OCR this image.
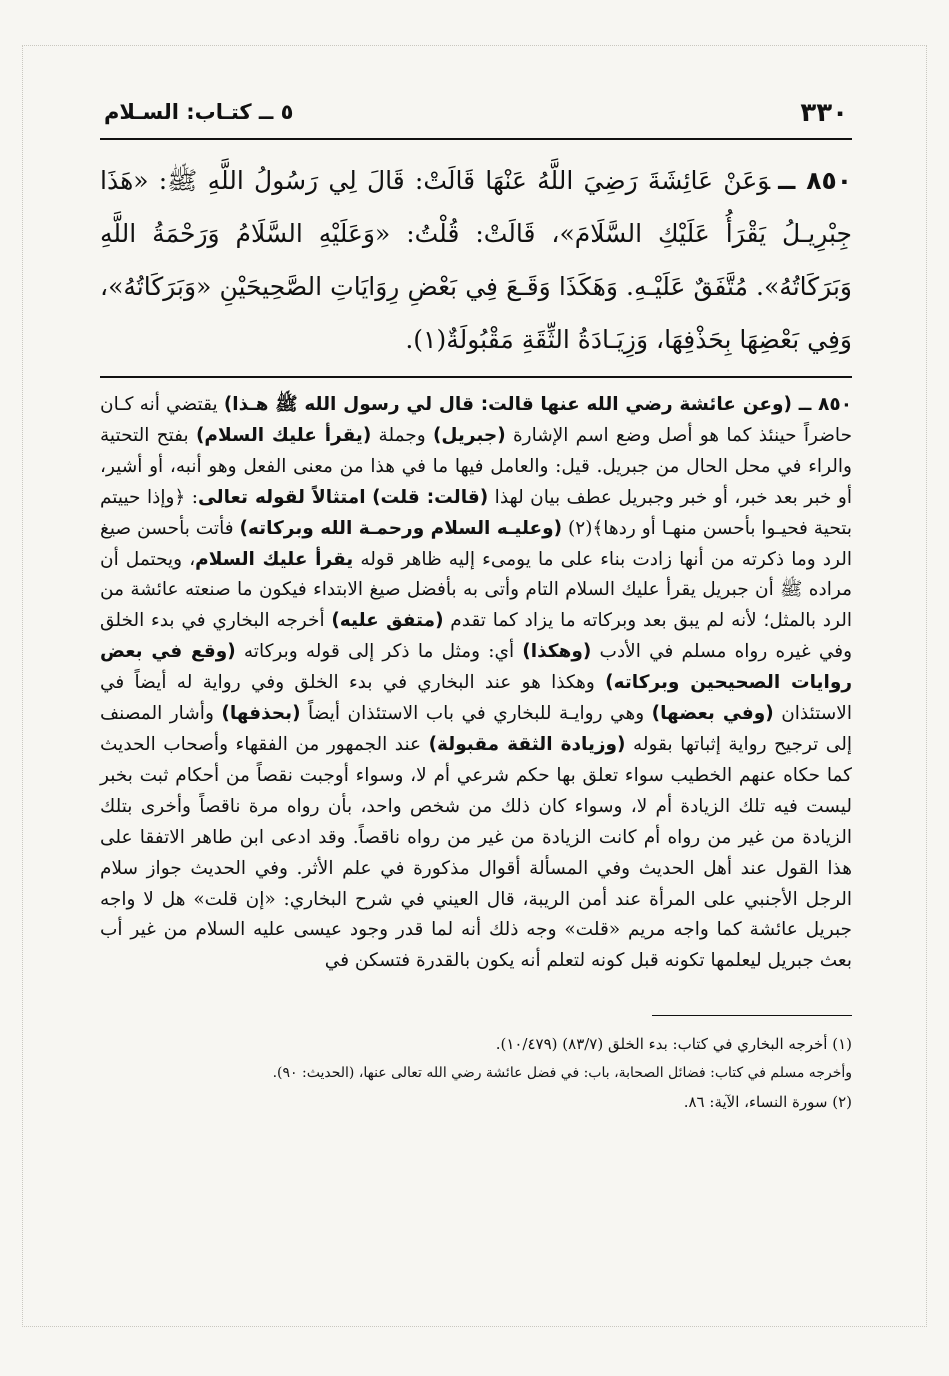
٣٣٠
٥ ــ كتـاب: السـلام

٨٥٠ ــوَعَنْ عَائِشَةَ رَضِيَ اللَّهُ عَنْهَا قَالَتْ: قَالَ لِي رَسُولُ اللَّهِ ﷺ: «هَذَا جِبْرِيـلُ يَقْرَأُ عَلَيْكِ السَّلَامَ»، قَالَتْ: قُلْتُ: «وَعَلَيْهِ السَّلَامُ وَرَحْمَةُ اللَّهِ وَبَرَكَاتُهُ». مُتَّفَقٌ عَلَيْـهِ. وَهَكَذَا وَقَـعَ فِي بَعْضِ رِوَايَاتِ الصَّحِيحَيْنِ «وَبَرَكَاتُهُ»، وَفِي بَعْضِهَا بِحَذْفِهَا، وَزِيَـادَةُ الثِّقَةِ مَقْبُولَةٌ(١).

٨٥٠ ــ (وعن عائشة رضي الله عنها قالت: قال لي رسول الله ﷺ هـذا) يقتضي أنه كـان حاضراً حينئذ كما هو أصل وضع اسم الإشارة (جبريل) وجملة (يقرأ عليك السلام) بفتح التحتية والراء في محل الحال من جبريل. قيل: والعامل فيها ما في هذا من معنى الفعل وهو أنبه، أو أشير، أو خبر بعد خبر، أو خبر وجبريل عطف بيان لهذا (قالت: قلت) امتثالاً لقوله تعالى: ﴿وإذا حييتم بتحية فحيـوا بأحسن منهـا أو ردها﴾(٢) (وعليـه السلام ورحمـة الله وبركاته) فأتت بأحسن صيغ الرد وما ذكرته من أنها زادت بناء على ما يومىء إليه ظاهر قوله يقرأ عليك السلام، ويحتمل أن مراده ﷺ أن جبريل يقرأ عليك السلام التام وأتى به بأفضل صيغ الابتداء فيكون ما صنعته عائشة من الرد بالمثل؛ لأنه لم يبق بعد وبركاته ما يزاد كما تقدم (متفق عليه) أخرجه البخاري في بدء الخلق وفي غيره رواه مسلم في الأدب (وهكذا) أي: ومثل ما ذكر إلى قوله وبركاته (وقع في بعض روايات الصحيحين وبركاته) وهكذا هو عند البخاري في بدء الخلق وفي رواية له أيضاً في الاستئذان (وفي بعضها) وهي روايـة للبخاري في باب الاستئذان أيضاً (بحذفها) وأشار المصنف إلى ترجيح رواية إثباتها بقوله (وزيادة الثقة مقبولة) عند الجمهور من الفقهاء وأصحاب الحديث كما حكاه عنهم الخطيب سواء تعلق بها حكم شرعي أم لا، وسواء أوجبت نقصاً من أحكام ثبت بخبر ليست فيه تلك الزيادة أم لا، وسواء كان ذلك من شخص واحد، بأن رواه مرة ناقصاً وأخرى بتلك الزيادة من غير من رواه أم كانت الزيادة من غير من رواه ناقصاً. وقد ادعى ابن طاهر الاتفقا على هذا القول عند أهل الحديث وفي المسألة أقوال مذكورة في علم الأثر. وفي الحديث جواز سلام الرجل الأجنبي على المرأة عند أمن الريبة، قال العيني في شرح البخاري: «إن قلت» هل لا واجه جبريل عائشة كما واجه مريم «قلت» وجه ذلك أنه لما قدر وجود عيسى عليه السلام من غير أب بعث جبريل ليعلمها تكونه قبل كونه لتعلم أنه يكون بالقدرة فتسكن في

(١) أخرجه البخاري في كتاب: بدء الخلق (٨٣/٧) (١٠/٤٧٩).

وأخرجه مسلم في كتاب: فضائل الصحابة، باب: في فضل عائشة رضي الله تعالى عنها، (الحديث: ٩٠).

(٢) سورة النساء، الآية: ٨٦.
